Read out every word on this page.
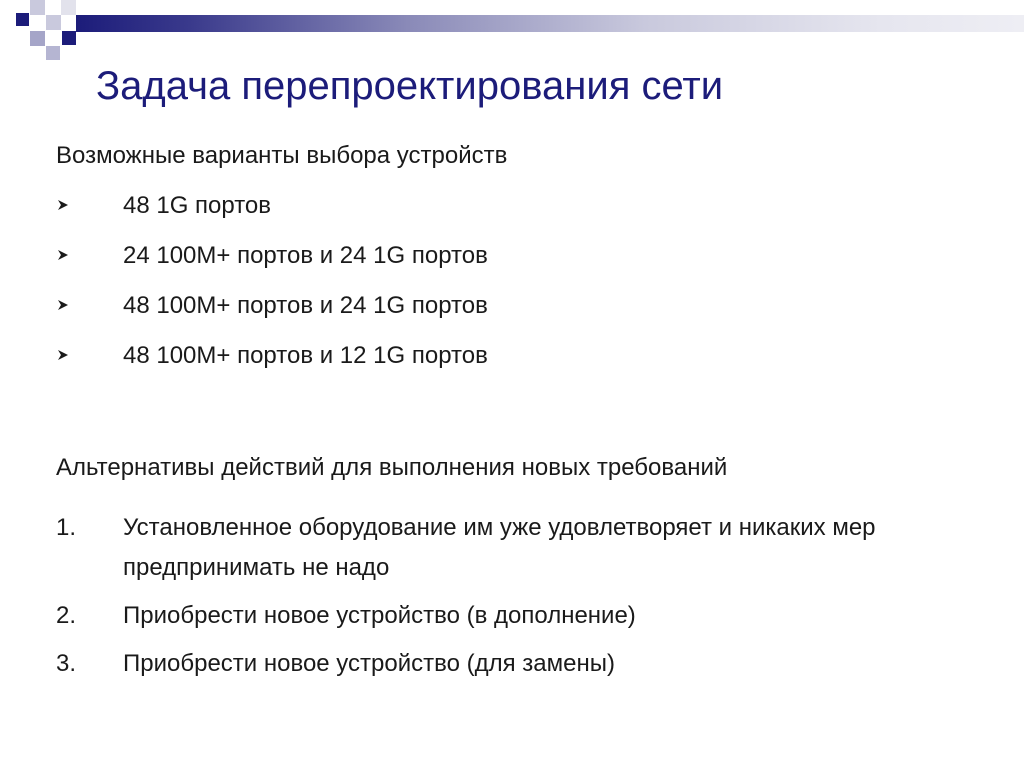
Задача перепроектирования сети
Возможные варианты выбора устройств
48 1G портов
24 100M+ портов и 24 1G портов
48 100M+ портов и 24 1G портов
48 100M+ портов и 12 1G портов
Альтернативы действий для выполнения новых требований
1. Установленное оборудование им уже удовлетворяет и никаких мер предпринимать не надо
2. Приобрести новое устройство (в дополнение)
3. Приобрести новое устройство (для замены)
